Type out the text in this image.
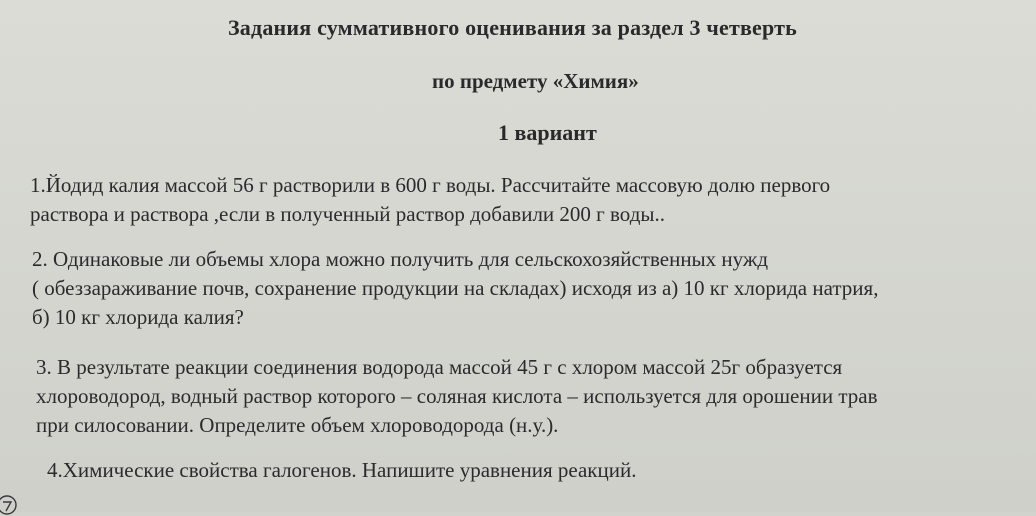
Задания суммативного оценивания за раздел 3 четверть
по предмету «Химия»
1 вариант
1.Йодид калия массой 56 г растворили в 600 г воды. Рассчитайте массовую долю первого
раствора и раствора ,если в полученный раствор добавили 200 г воды..
2. Одинаковые ли объемы хлора можно получить для сельскохозяйственных нужд
( обеззараживание почв, сохранение продукции на складах) исходя из а) 10 кг хлорида натрия,
б) 10 кг хлорида калия?
3. В результате реакции соединения водорода массой 45 г с хлором массой 25г образуется
хлороводород, водный раствор которого – соляная кислота – используется для орошении трав
при силосовании. Определите объем хлороводорода (н.у.).
4.Химические свойства галогенов. Напишите уравнения реакций.
